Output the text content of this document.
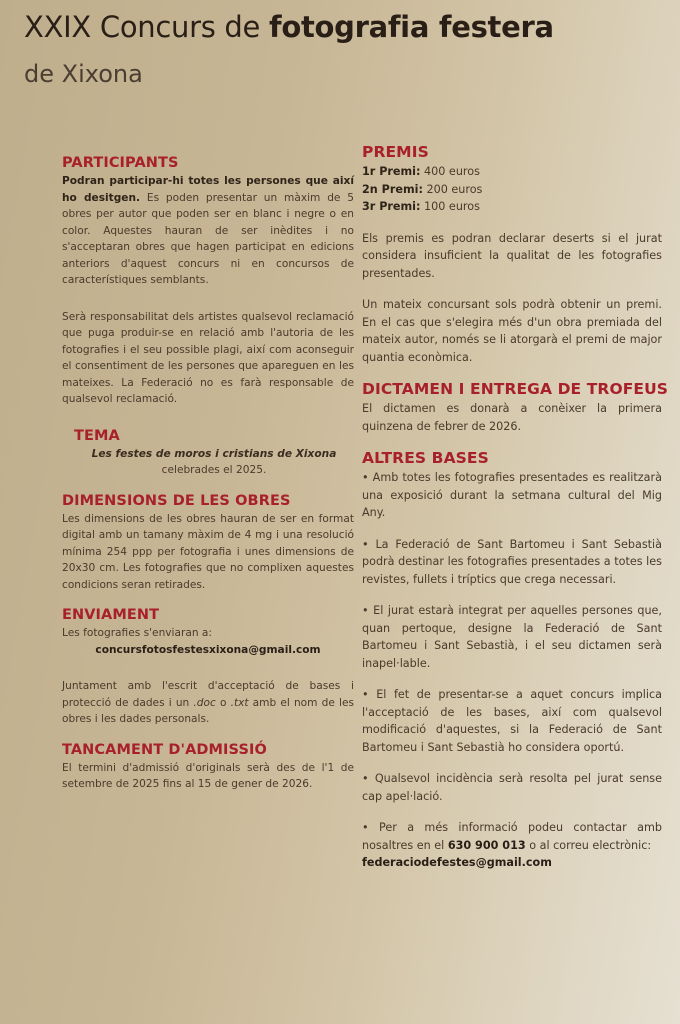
XXIX Concurs de fotografia festera
de Xixona
PARTICIPANTS

Podran participar-hi totes les persones que així ho desitgen. Es poden presentar un màxim de 5 obres per autor que poden ser en blanc i negre o en color. Aquestes hauran de ser inèdites i no s'acceptaran obres que hagen participat en edicions anteriors d'aquest concurs ni en concursos de característiques semblants.

Serà responsabilitat dels artistes qualsevol reclamació que puga produir-se en relació amb l'autoria de les fotografies i el seu possible plagi, així com aconseguir el consentiment de les persones que apareguen en les mateixes. La Federació no es farà responsable de qualsevol reclamació.

TEMA

Les festes de moros i cristians de Xixona

celebrades el 2025.

DIMENSIONS DE LES OBRES

Les dimensions de les obres hauran de ser en format digital amb un tamany màxim de 4 mg i una resolució mínima 254 ppp per fotografia i unes dimensions de 20x30 cm. Les fotografies que no complixen aquestes condicions seran retirades.

ENVIAMENT

Les fotografies s'enviaran a:

concursfotosfestesxixona@gmail.com

Juntament amb l'escrit d'acceptació de bases i protecció de dades i un .doc o .txt amb el nom de les obres i les dades personals.

TANCAMENT D'ADMISSIÓ

El termini d'admissió d'originals serà des de l'1 de setembre de 2025 fins al 15 de gener de 2026.

PREMIS
1r Premi: 400 euros
2n Premi: 200 euros
3r Premi: 100 euros

Els premis es podran declarar deserts si el jurat considera insuficient la qualitat de les fotografies presentades.

Un mateix concursant sols podrà obtenir un premi. En el cas que s'elegira més d'un obra premiada del mateix autor, només se li atorgarà el premi de major quantia econòmica.

DICTAMEN I ENTREGA DE TROFEUS

El dictamen es donarà a conèixer la primera quinzena de febrer de 2026.

ALTRES BASES

• Amb totes les fotografies presentades es realitzarà una exposició durant la setmana cultural del Mig Any.

• La Federació de Sant Bartomeu i Sant Sebastià podrà destinar les fotografies presentades a totes les revistes, fullets i tríptics que crega necessari.

• El jurat estarà integrat per aquelles persones que, quan pertoque, designe la Federació de Sant Bartomeu i Sant Sebastià, i el seu dictamen serà inapel·lable.

• El fet de presentar-se a aquet concurs implica l'acceptació de les bases, així com qualsevol modificació d'aquestes, si la Federació de Sant Bartomeu i Sant Sebastià ho considera oportú.

• Qualsevol incidència serà resolta pel jurat sense cap apel·lació.

• Per a més informació podeu contactar amb nosaltres en el 630 900 013 o al correu electrònic:

federaciodefestes@gmail.com
